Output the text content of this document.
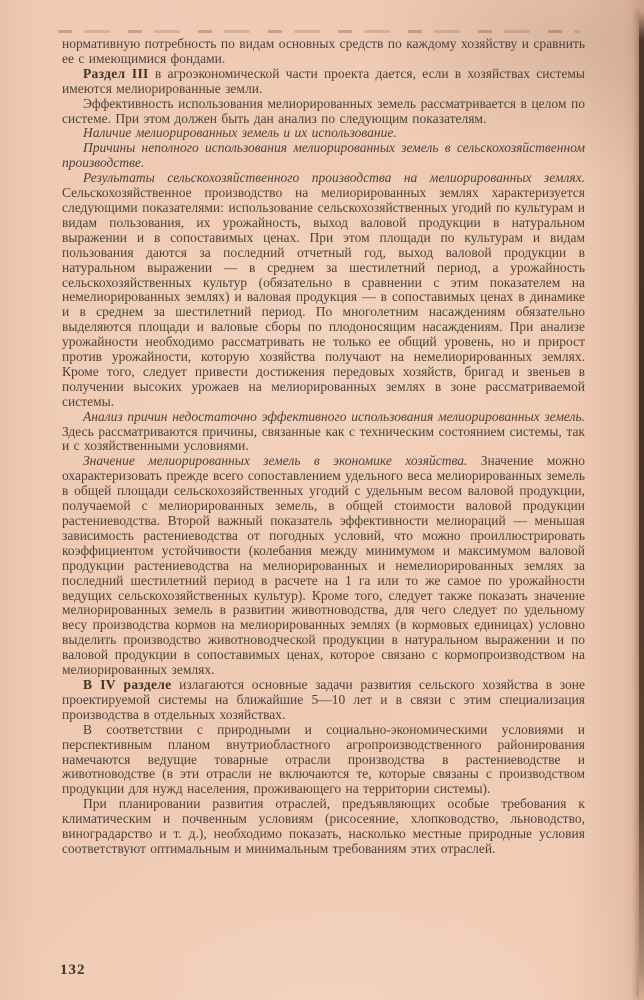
нормативную потребность по видам основных средств по каждому хозяйству и сравнить ее с имеющимися фондами.

Раздел III в агроэкономической части проекта дается, если в хозяйствах системы имеются мелиорированные земли.

Эффективность использования мелиорированных земель рассматривается в целом по системе. При этом должен быть дан анализ по следующим показателям.

Наличие мелиорированных земель и их использование.

Причины неполного использования мелиорированных земель в сельскохозяйственном производстве.

Результаты сельскохозяйственного производства на мелиорированных землях. Сельскохозяйственное производство на мелиорированных землях характеризуется следующими показателями: использование сельскохозяйственных угодий по культурам и видам пользования, их урожайность, выход валовой продукции в натуральном выражении и в сопоставимых ценах. При этом площади по культурам и видам пользования даются за последний отчетный год, выход валовой продукции в натуральном выражении — в среднем за шестилетний период, а урожайность сельскохозяйственных культур (обязательно в сравнении с этим показателем на немелиорированных землях) и валовая продукция — в сопоставимых ценах в динамике и в среднем за шестилетний период. По многолетним насаждениям обязательно выделяются площади и валовые сборы по плодоносящим насаждениям. При анализе урожайности необходимо рассматривать не только ее общий уровень, но и прирост против урожайности, которую хозяйства получают на немелиорированных землях. Кроме того, следует привести достижения передовых хозяйств, бригад и звеньев в получении высоких урожаев на мелиорированных землях в зоне рассматриваемой системы.

Анализ причин недостаточно эффективного использования мелиорированных земель. Здесь рассматриваются причины, связанные как с техническим состоянием системы, так и с хозяйственными условиями.

Значение мелиорированных земель в экономике хозяйства. Значение можно охарактеризовать прежде всего сопоставлением удельного веса мелиорированных земель в общей площади сельскохозяйственных угодий с удельным весом валовой продукции, получаемой с мелиорированных земель, в общей стоимости валовой продукции растениеводства. Второй важный показатель эффективности мелиораций — меньшая зависимость растениеводства от погодных условий, что можно проиллюстрировать коэффициентом устойчивости (колебания между минимумом и максимумом валовой продукции растениеводства на мелиорированных и немелиорированных землях за последний шестилетний период в расчете на 1 га или то же самое по урожайности ведущих сельскохозяйственных культур). Кроме того, следует также показать значение мелиорированных земель в развитии животноводства, для чего следует по удельному весу производства кормов на мелиорированных землях (в кормовых единицах) условно выделить производство животноводческой продукции в натуральном выражении и по валовой продукции в сопоставимых ценах, которое связано с кормопроизводством на мелиорированных землях.

В IV разделе излагаются основные задачи развития сельского хозяйства в зоне проектируемой системы на ближайшие 5—10 лет и в связи с этим специализация производства в отдельных хозяйствах.

В соответствии с природными и социально-экономическими условиями и перспективным планом внутриобластного агропроизводственного районирования намечаются ведущие товарные отрасли производства в растениеводстве и животноводстве (в эти отрасли не включаются те, которые связаны с производством продукции для нужд населения, проживающего на территории системы).

При планировании развития отраслей, предъявляющих особые требования к климатическим и почвенным условиям (рисосеяние, хлопководство, льноводство, виноградарство и т. д.), необходимо показать, насколько местные природные условия соответствуют оптимальным и минимальным требованиям этих отраслей.

132
